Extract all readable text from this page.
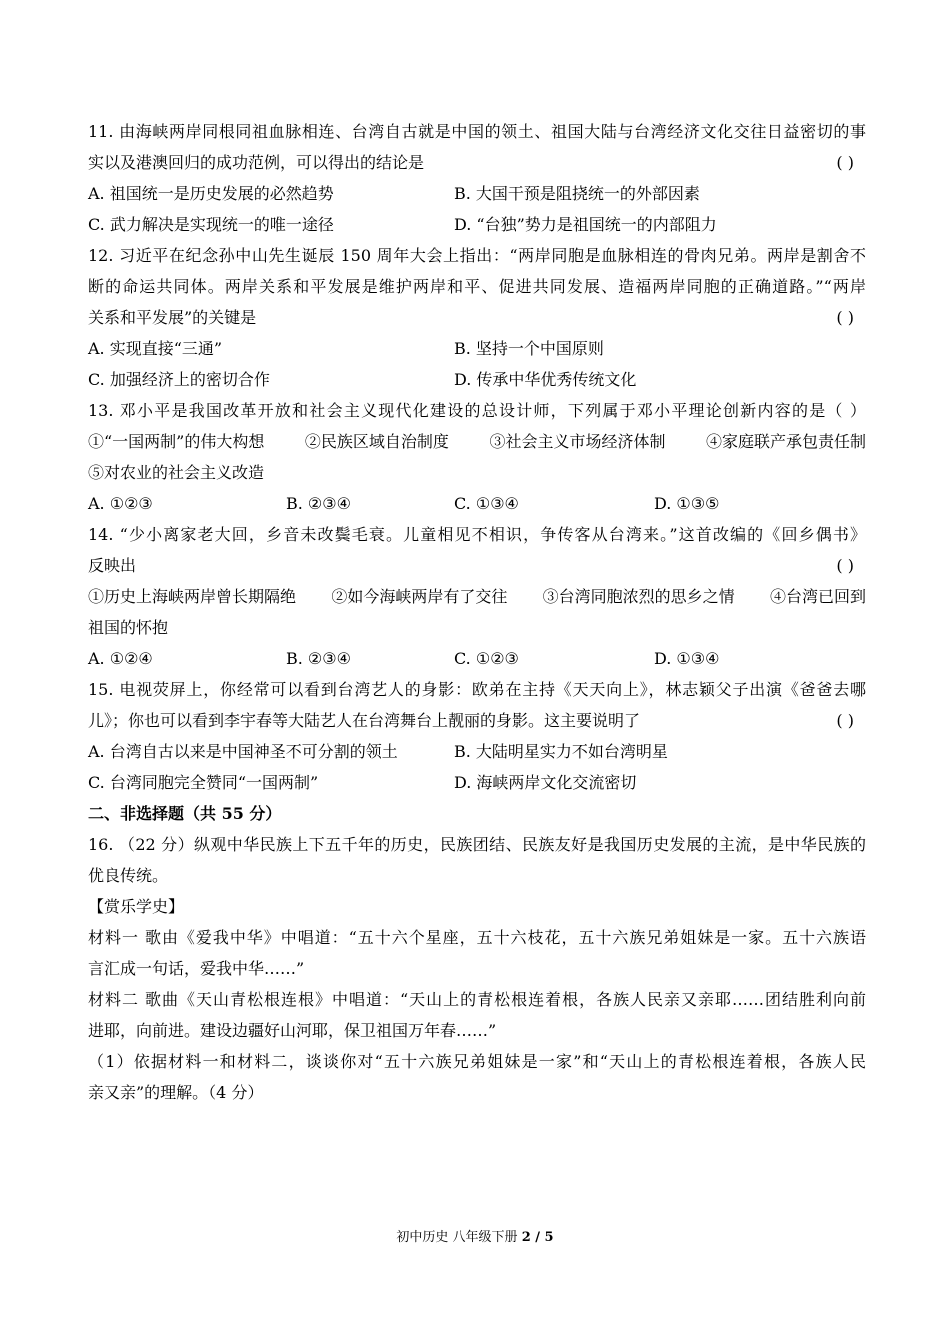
11. 由海峡两岸同根同祖血脉相连、台湾自古就是中国的领土、祖国大陆与台湾经济文化交往日益密切的事
实以及港澳回归的成功范例，可以得出的结论是	( )
A. 祖国统一是历史发展的必然趋势	B. 大国干预是阻挠统一的外部因素
C. 武力解决是实现统一的唯一途径	D. “台独”势力是祖国统一的内部阻力
12. 习近平在纪念孙中山先生诞辰 150 周年大会上指出：“两岸同胞是血脉相连的骨肉兄弟。两岸是割舍不
断的命运共同体。两岸关系和平发展是维护两岸和平、促进共同发展、造福两岸同胞的正确道路。”“两岸
关系和平发展”的关键是	( )
A. 实现直接“三通”	B. 坚持一个中国原则
C. 加强经济上的密切合作	D. 传承中华优秀传统文化
13. 邓小平是我国改革开放和社会主义现代化建设的总设计师，下列属于邓小平理论创新内容的是（ ）
①“一国两制”的伟大构想	②民族区域自治制度	③社会主义市场经济体制	④家庭联产承包责任制
⑤对农业的社会主义改造
A. ①②③	B. ②③④	C. ①③④	D. ①③⑤
14. “少小离家老大回，乡音未改鬓毛衰。儿童相见不相识，争传客从台湾来。”这首改编的《回乡偶书》
反映出	( )
①历史上海峡两岸曾长期隔绝 ②如今海峡两岸有了交往 ③台湾同胞浓烈的思乡之情 ④台湾已回到
祖国的怀抱
A. ①②④	B. ②③④	C. ①②③	D. ①③④
15. 电视荧屏上，你经常可以看到台湾艺人的身影：欧弟在主持《天天向上》，林志颖父子出演《爸爸去哪
儿》；你也可以看到李宇春等大陆艺人在台湾舞台上靓丽的身影。这主要说明了	( )
A. 台湾自古以来是中国神圣不可分割的领土	B. 大陆明星实力不如台湾明星
C. 台湾同胞完全赞同“一国两制”	D. 海峡两岸文化交流密切
二、非选择题（共 55 分）
16. （22 分）纵观中华民族上下五千年的历史，民族团结、民族友好是我国历史发展的主流，是中华民族的
优良传统。
【赏乐学史】
材料一 歌由《爱我中华》中唱道：“五十六个星座，五十六枝花，五十六族兄弟姐妹是一家。五十六族语
言汇成一句话，爱我中华……”
材料二 歌曲《天山青松根连根》中唱道：“天山上的青松根连着根，各族人民亲又亲耶……团结胜利向前
进耶，向前进。建设边疆好山河耶，保卫祖国万年春……”
（1）依据材料一和材料二，谈谈你对“五十六族兄弟姐妹是一家”和“天山上的青松根连着根，各族人民
亲又亲”的理解。（4 分）
初中历史 八年级下册 2 / 5
